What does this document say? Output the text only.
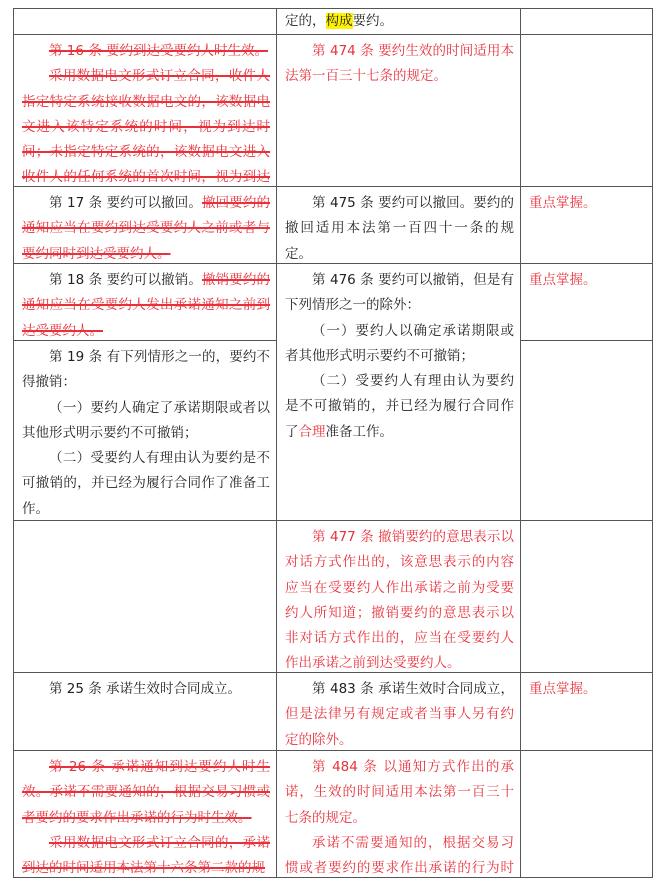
定的，构成要约。

第 16 条 要约到达受要约人时生效。

采用数据电文形式订立合同，收件人指定特定系统接收数据电文的，该数据电文进入该特定系统的时间，视为到达时间；未指定特定系统的，该数据电文进入收件人的任何系统的首次时间，视为到达

第 474 条 要约生效的时间适用本法第一百三十七条的规定。

第 17 条 要约可以撤回。撤回要约的通知应当在要约到达受要约人之前或者与要约同时到达受要约人。

第 475 条 要约可以撤回。要约的撤回适用本法第一百四十一条的规定。

重点掌握。

第 18 条 要约可以撤销。撤销要约的通知应当在受要约人发出承诺通知之前到达受要约人。

第 476 条 要约可以撤销，但是有下列情形之一的除外：

（一）要约人以确定承诺期限或者其他形式明示要约不可撤销；

（二）受要约人有理由认为要约是不可撤销的，并已经为履行合同作了合理准备工作。

重点掌握。

第 19 条 有下列情形之一的，要约不得撤销：

（一）要约人确定了承诺期限或者以其他形式明示要约不可撤销；

（二）受要约人有理由认为要约是不可撤销的，并已经为履行合同作了准备工作。

第 477 条 撤销要约的意思表示以对话方式作出的，该意思表示的内容应当在受要约人作出承诺之前为受要约人所知道；撤销要约的意思表示以非对话方式作出的，应当在受要约人作出承诺之前到达受要约人。

第 25 条 承诺生效时合同成立。	第 483 条 承诺生效时合同成立，但是法律另有规定或者当事人另有约定的除外。

重点掌握。

第 26 条 承诺通知到达要约人时生效。承诺不需要通知的，根据交易习惯或者要约的要求作出承诺的行为时生效。

采用数据电文形式订立合同的，承诺到达的时间适用本法第十六条第二款的规

第 484 条 以通知方式作出的承诺，生效的时间适用本法第一百三十七条的规定。

承诺不需要通知的，根据交易习惯或者要约的要求作出承诺的行为时
